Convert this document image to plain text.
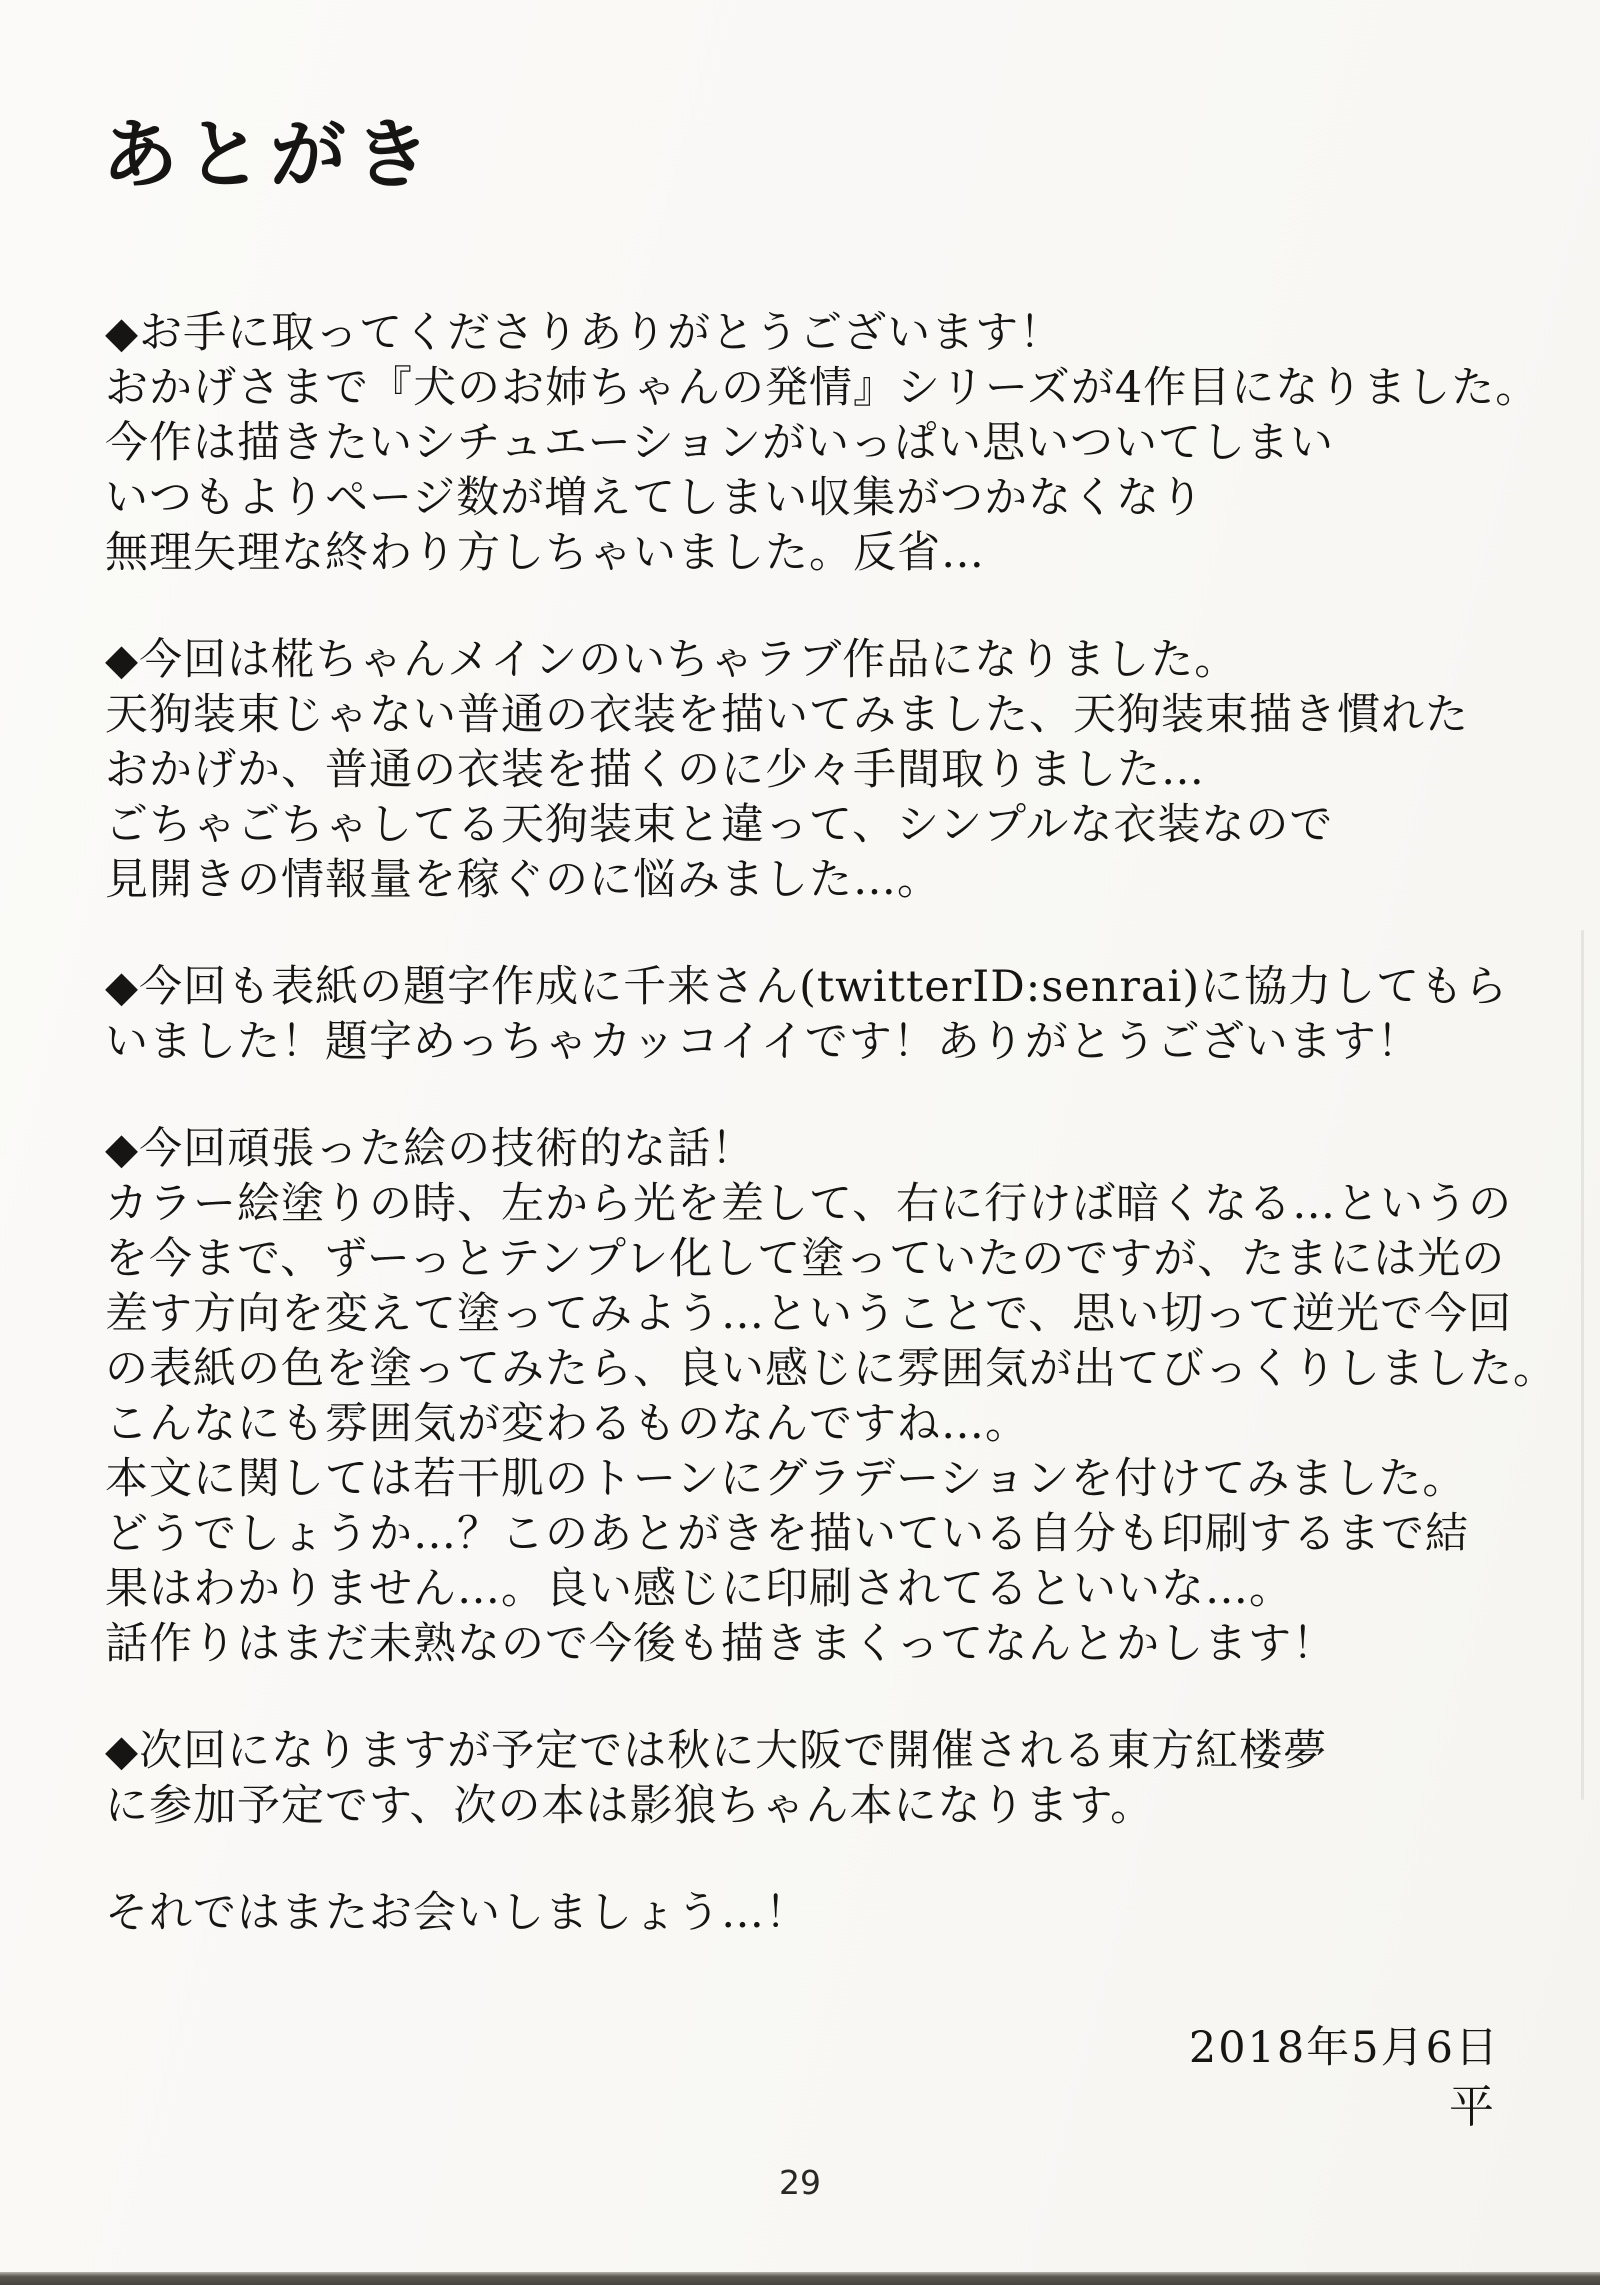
あとがき
◆お手に取ってくださりありがとうございます！
おかげさまで『犬のお姉ちゃんの発情』シリーズが4作目になりました。
今作は描きたいシチュエーションがいっぱい思いついてしまい
いつもよりページ数が増えてしまい収集がつかなくなり
無理矢理な終わり方しちゃいました。反省…
◆今回は椛ちゃんメインのいちゃラブ作品になりました。
天狗装束じゃない普通の衣装を描いてみました、天狗装束描き慣れた
おかげか、普通の衣装を描くのに少々手間取りました…
ごちゃごちゃしてる天狗装束と違って、シンプルな衣装なので
見開きの情報量を稼ぐのに悩みました…。
◆今回も表紙の題字作成に千来さん(twitterID:senrai)に協力してもら
いました！題字めっちゃカッコイイです！ありがとうございます！
◆今回頑張った絵の技術的な話！
カラー絵塗りの時、左から光を差して、右に行けば暗くなる…というの
を今まで、ずーっとテンプレ化して塗っていたのですが、たまには光の
差す方向を変えて塗ってみよう…ということで、思い切って逆光で今回
の表紙の色を塗ってみたら、良い感じに雰囲気が出てびっくりしました。
こんなにも雰囲気が変わるものなんですね…。
本文に関しては若干肌のトーンにグラデーションを付けてみました。
どうでしょうか…？このあとがきを描いている自分も印刷するまで結
果はわかりません…。良い感じに印刷されてるといいな…。
話作りはまだ未熟なので今後も描きまくってなんとかします！
◆次回になりますが予定では秋に大阪で開催される東方紅楼夢
に参加予定です、次の本は影狼ちゃん本になります。
それではまたお会いしましょう…！
2018年5月6日
平
29
